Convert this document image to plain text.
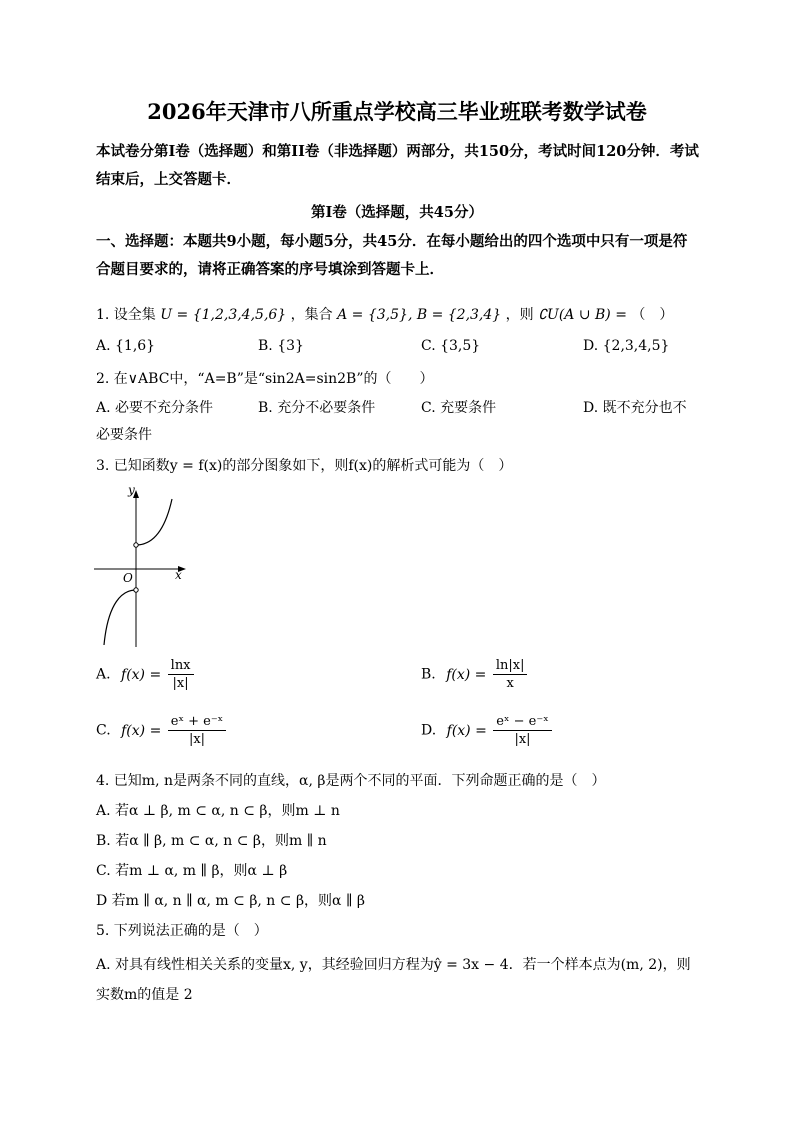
2026年天津市八所重点学校高三毕业班联考数学试卷
本试卷分第I卷（选择题）和第II卷（非选择题）两部分，共150分，考试时间120分钟．考试结束后，上交答题卡．
第I卷（选择题，共45分）
一、选择题：本题共9小题，每小题5分，共45分．在每小题给出的四个选项中只有一项是符合题目要求的，请将正确答案的序号填涂到答题卡上．
1. 设全集 U = {1,2,3,4,5,6} ，集合 A = {3,5}, B = {2,3,4} ，则 ∁U(A ∪ B) = （　）
A. {1,6}	B. {3}	C. {3,5}	D. {2,3,4,5}
2. 在∨ABC中，“A=B”是“sin2A=sin2B”的（　　）
A. 必要不充分条件	B. 充分不必要条件	C. 充要条件	D. 既不充分也不
必要条件
3. 已知函数y = f(x)的部分图象如下，则f(x)的解析式可能为（　）
y
x
O
A. $f(x) = \frac{\ln x}{|x|}$	B. $f(x) = \frac{\ln|x|}{x}$
C. $f(x) = \frac{\text{eˣ + e⁻ˣ}}{|x|}$	D. $f(x) = \frac{\text{eˣ − e⁻ˣ}}{|x|}$
4. 已知m, n是两条不同的直线，α, β是两个不同的平面．下列命题正确的是（　）
A. 若α ⊥ β, m ⊂ α, n ⊂ β，则m ⊥ n
B. 若α ∥ β, m ⊂ α, n ⊂ β，则m ∥ n
C. 若m ⊥ α, m ∥ β，则α ⊥ β
D 若m ∥ α, n ∥ α, m ⊂ β, n ⊂ β，则α ∥ β
5. 下列说法正确的是（　）
A. 对具有线性相关关系的变量x, y，其经验回归方程为ŷ = 3x − 4．若一个样本点为(m, 2)，则
实数m的值是 2
